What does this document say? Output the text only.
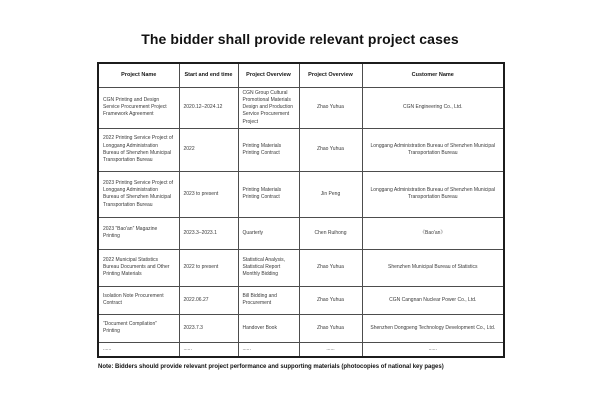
The bidder shall provide relevant project cases
Project Name	Start and end time	Project Overview	Project Overview	Customer Name
CGN Printing and Design Service Procurement Project Framework Agreement	2020.12–2024.12	CGN Group Cultural Promotional Materials Design and Production Service Procurement Project	Zhao Yuhua	CGN Engineering Co., Ltd.
2022 Printing Service Project of Longgang Administration Bureau of Shenzhen Municipal Transportation Bureau	2022	Printing Materials Printing Contract	Zhao Yuhua	Longgang Administration Bureau of Shenzhen Municipal Transportation Bureau
2023 Printing Service Project of Longgang Administration Bureau of Shenzhen Municipal Transportation Bureau	2023 to present	Printing Materials Printing Contract	Jin Peng	Longgang Administration Bureau of Shenzhen Municipal Transportation Bureau
2023 “Bao'an” Magazine Printing	2023.3–2023.1	Quarterly	Chen Ruihong	《Bao'an》
2022 Municipal Statistics Bureau Documents and Other Printing Materials	2022 to present	Statistical Analysis, Statistical Report Monthly Bidding	Zhao Yuhua	Shenzhen Municipal Bureau of Statistics
Isolation Note Procurement Contract	2022.06.27	Bill Bidding and Procurement	Zhao Yuhua	CGN Cangnan Nuclear Power Co., Ltd.
“Document Compilation” Printing	2023.7.3	Handover Book	Zhao Yuhua	Shenzhen Dongpeng Technology Development Co., Ltd.
......	......	......	......	......
Note: Bidders should provide relevant project performance and supporting materials (photocopies of national key pages)
